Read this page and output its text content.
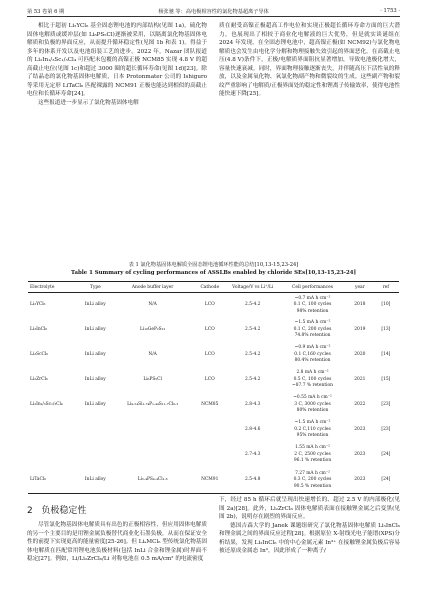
第 53 卷第 6 期	杨张驰 等：高电极相容性的氯化物基超离子导体	· 1753 ·

相比于超初 Li₃YCl₆ 基全固态锂电池的内部结构(见图 1a)，硫化物固体电解质或缓冲层(如 Li₆PS₅Cl)逐渐被采用，以隔离氯化物基固体电解质和负极的界面反应，从而提升循环稳定性(见图 1b 和表 1)。得益于多年的体系开发以及电池组装工艺的进步。2022 年，Nazar 团队报道的 Li₂In₁/₃Sc₁/₃Cl₄ 可匹配未包覆的高镍正极 NCM85 实现 4.8 V 的超高截止电位(见图 1c)和超过 3000 圈的超长循环寿命(见图 1d)[23]。除了结晶态的氯化物基固体电解质，日本 Protonmater 公司的 Ishiguro 等采用无定形 LiTaCl₆ 匹配裸露的 NCM91 正极也能达到相似的高截止电位和长循环寿命[24]。

这些报道进一步显示了氯化物基固体电解

质在耐受高镍正极超高工作电位和实现正极超长循环寿命方面的巨大潜力，也展现出了相较于商业化电解液的巨大优势，但是就实谈谜组在 2024 年发现，在全固态锂电池中，超高镍正极(如 NCM92)与氯化物电解质也会发生由电化学分解和物理接触失效引起的界面恶化。在高截止电压(4.8 V)条件下，正极/电解质界面阻抗显著增加，导致电池极化增大，容量快速衰减。同时，界面物理接触逐渐丧失，并伴随高压下活性氧的释放，以及金属氧化物、氧氯化物副产物和微裂纹的生成。这些副产物和裂纹严重影响了电解质/正极界面处的稳定性和锂离子传输效率，使得电池性能快速下降[25]。

表 1 氯化物基固体电解质全固态锂电池循环性能的总结[10,13-15,23-24]
Table 1 Summary of cycling performances of ASSLBs enabled by chloride SEs[10,13-15,23-24]
Electrolyte	Type	Anode buffer layer	Cathode	Voltage/V vs Li⁺/Li	Cell performances	year	ref
Li₃YCl₆	InLi alloy	N/A	LCO	2.5-4.2	~0.7 mA h cm⁻²
0.1 C, 100 cycles
98% retention	2018	[10]
Li₃InCl₆	InLi alloy	Li₁₀GeP₂S₁₂	LCO	2.5-4.2	~1.5 mA h cm⁻²
0.1 C, 200 cycles
74.8% retention	2019	[13]
Li₃ScCl₆	InLi alloy	N/A	LCO	2.5-4.2	~0.9 mA h cm⁻²
0.1 C,160 cycles
80.4% retention	2020	[14]
Li₂ZrCl₆	InLi alloy	Li₆PS₅Cl	LCO	2.5-4.2	2.8 mA h cm⁻²
0.5 C, 100 cycles
~87.7 % retention	2021	[15]
Li₂In₁/₃Sc₁/₃Cl₄	InLi alloy	Li₉.₅₄Si₁.₇₄P₁.₄₄S₁₁.₇Cl₀.₃	NCM85	2.8-4.3	~0.55 mA h cm⁻²
3 C, 3000 cycles
80% retention	2022	[23]
				2.8-4.6	~1.5 mA h cm⁻²
0.2 C,110 cycles
95% retention	2023	[23]
				2.7-4.3	1.55 mA h cm⁻²
2 C, 2500 cycles
96.1 % retention	2023	[24]
LiTaCl₆	InLi alloy	Li₅.₄PS₄.₄Cl₁.₆	NCM91	2.5-4.8	7.27 mA h cm⁻²
0.3 C, 200 cycles
90.5 % retention	2023	[24]
2 负极稳定性

尽管氯化物基固体电解质具有出色的正极相容性，但应用固体电解质的另一个主要目的是用锂金属负极替代商业化石墨负极，从而在保证安全性的前提下实现更高的能量密度[25-26]。但 LiₐMCl₆ 型传统氯化物基固体电解质在匹配常用锂电池负极材料(包括 InLi 合金和锂金属)时界面不稳定[27]。例如，Li/Li₂ZrCl₆/Li 对称电池在 0.5 mA/cm² 的电流密度

下，经过 85 h 循环后就呈现出快速增长的、超过 2.5 V 的内部极化(见图 2a)[28]。此外，Li₂ZrCl₆ 固体电解质表面在接触锂金属之后变黑(见图 2b)，说明存在剧烈的界面反应。

德国吉森大学的 Janek 课题组研究了氯化物基固体电解质 Li₃InCl₆ 和锂金属之间的界面反应过程[28]。根据原位 X-射线光电子能谱(XPS)分析结果，发现 Li₃InCl₆ 中的中心金属元素 In³⁺ 在接触锂金属负极后容易被还原成金属态 In⁰，因此形成了一种离子/
